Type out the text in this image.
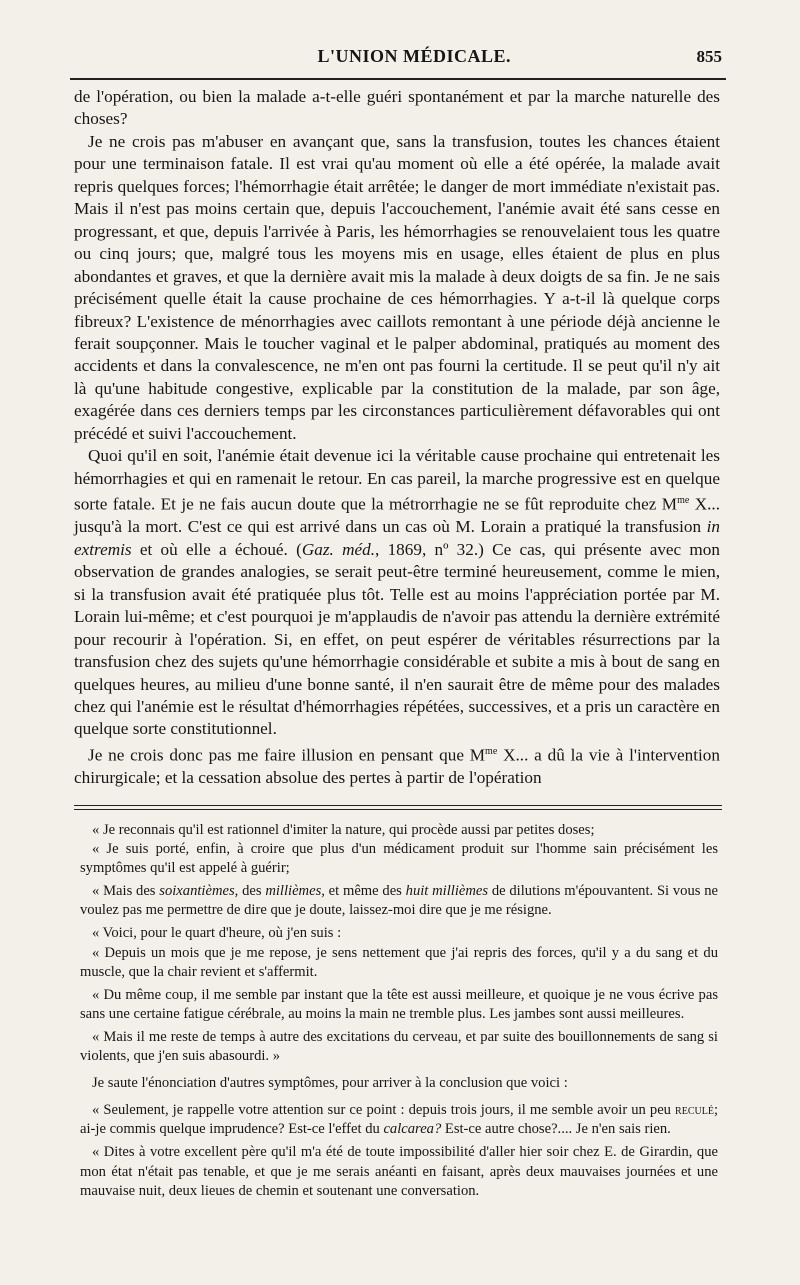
L'UNION MÉDICALE.	855

de l'opération, ou bien la malade a-t-elle guéri spontanément et par la marche naturelle des choses?

Je ne crois pas m'abuser en avançant que, sans la transfusion, toutes les chances étaient pour une terminaison fatale. Il est vrai qu'au moment où elle a été opérée, la malade avait repris quelques forces; l'hémorrhagie était arrêtée; le danger de mort immédiate n'existait pas. Mais il n'est pas moins certain que, depuis l'accouchement, l'anémie avait été sans cesse en progressant, et que, depuis l'arrivée à Paris, les hémorrhagies se renouvelaient tous les quatre ou cinq jours; que, malgré tous les moyens mis en usage, elles étaient de plus en plus abondantes et graves, et que la dernière avait mis la malade à deux doigts de sa fin. Je ne sais précisément quelle était la cause prochaine de ces hémorrhagies. Y a-t-il là quelque corps fibreux? L'existence de ménorrhagies avec caillots remontant à une période déjà ancienne le ferait soupçonner. Mais le toucher vaginal et le palper abdominal, pratiqués au moment des accidents et dans la convalescence, ne m'en ont pas fourni la certitude. Il se peut qu'il n'y ait là qu'une habitude congestive, explicable par la constitution de la malade, par son âge, exagérée dans ces derniers temps par les circonstances particulièrement défavorables qui ont précédé et suivi l'accouchement.

Quoi qu'il en soit, l'anémie était devenue ici la véritable cause prochaine qui entretenait les hémorrhagies et qui en ramenait le retour. En cas pareil, la marche progressive est en quelque sorte fatale. Et je ne fais aucun doute que la métrorrhagie ne se fût reproduite chez $M^{me}$ X... jusqu'à la mort. C'est ce qui est arrivé dans un cas où M. Lorain a pratiqué la transfusion in extremis et où elle a échoué. (Gaz. méd., 1869, nº 32.) Ce cas, qui présente avec mon observation de grandes analogies, se serait peut-être terminé heureusement, comme le mien, si la transfusion avait été pratiquée plus tôt. Telle est au moins l'appréciation portée par M. Lorain lui-même; et c'est pourquoi je m'applaudis de n'avoir pas attendu la dernière extrémité pour recourir à l'opération. Si, en effet, on peut espérer de véritables résurrections par la transfusion chez des sujets qu'une hémorrhagie considérable et subite a mis à bout de sang en quelques heures, au milieu d'une bonne santé, il n'en saurait être de même pour des malades chez qui l'anémie est le résultat d'hémorrhagies répétées, successives, et a pris un caractère en quelque sorte constitutionnel.

Je ne crois donc pas me faire illusion en pensant que $M^{me}$ X... a dû la vie à l'intervention chirurgicale; et la cessation absolue des pertes à partir de l'opération

« Je reconnais qu'il est rationnel d'imiter la nature, qui procède aussi par petites doses;

« Je suis porté, enfin, à croire que plus d'un médicament produit sur l'homme sain précisément les symptômes qu'il est appelé à guérir;

« Mais des soixantièmes, des millièmes, et même des huit millièmes de dilutions m'épouvantent. Si vous ne voulez pas me permettre de dire que je doute, laissez-moi dire que je me résigne.

« Voici, pour le quart d'heure, où j'en suis :

« Depuis un mois que je me repose, je sens nettement que j'ai repris des forces, qu'il y a du sang et du muscle, que la chair revient et s'affermit.

« Du même coup, il me semble par instant que la tête est aussi meilleure, et quoique je ne vous écrive pas sans une certaine fatigue cérébrale, au moins la main ne tremble plus. Les jambes sont aussi meilleures.

« Mais il me reste de temps à autre des excitations du cerveau, et par suite des bouillonnements de sang si violents, que j'en suis abasourdi. »

Je saute l'énonciation d'autres symptômes, pour arriver à la conclusion que voici :

« Seulement, je rappelle votre attention sur ce point : depuis trois jours, il me semble avoir un peu reculé; ai-je commis quelque imprudence? Est-ce l'effet du calcarea? Est-ce autre chose?.... Je n'en sais rien.

« Dites à votre excellent père qu'il m'a été de toute impossibilité d'aller hier soir chez E. de Girardin, que mon état n'était pas tenable, et que je me serais anéanti en faisant, après deux mauvaises journées et une mauvaise nuit, deux lieues de chemin et soutenant une conversation.
